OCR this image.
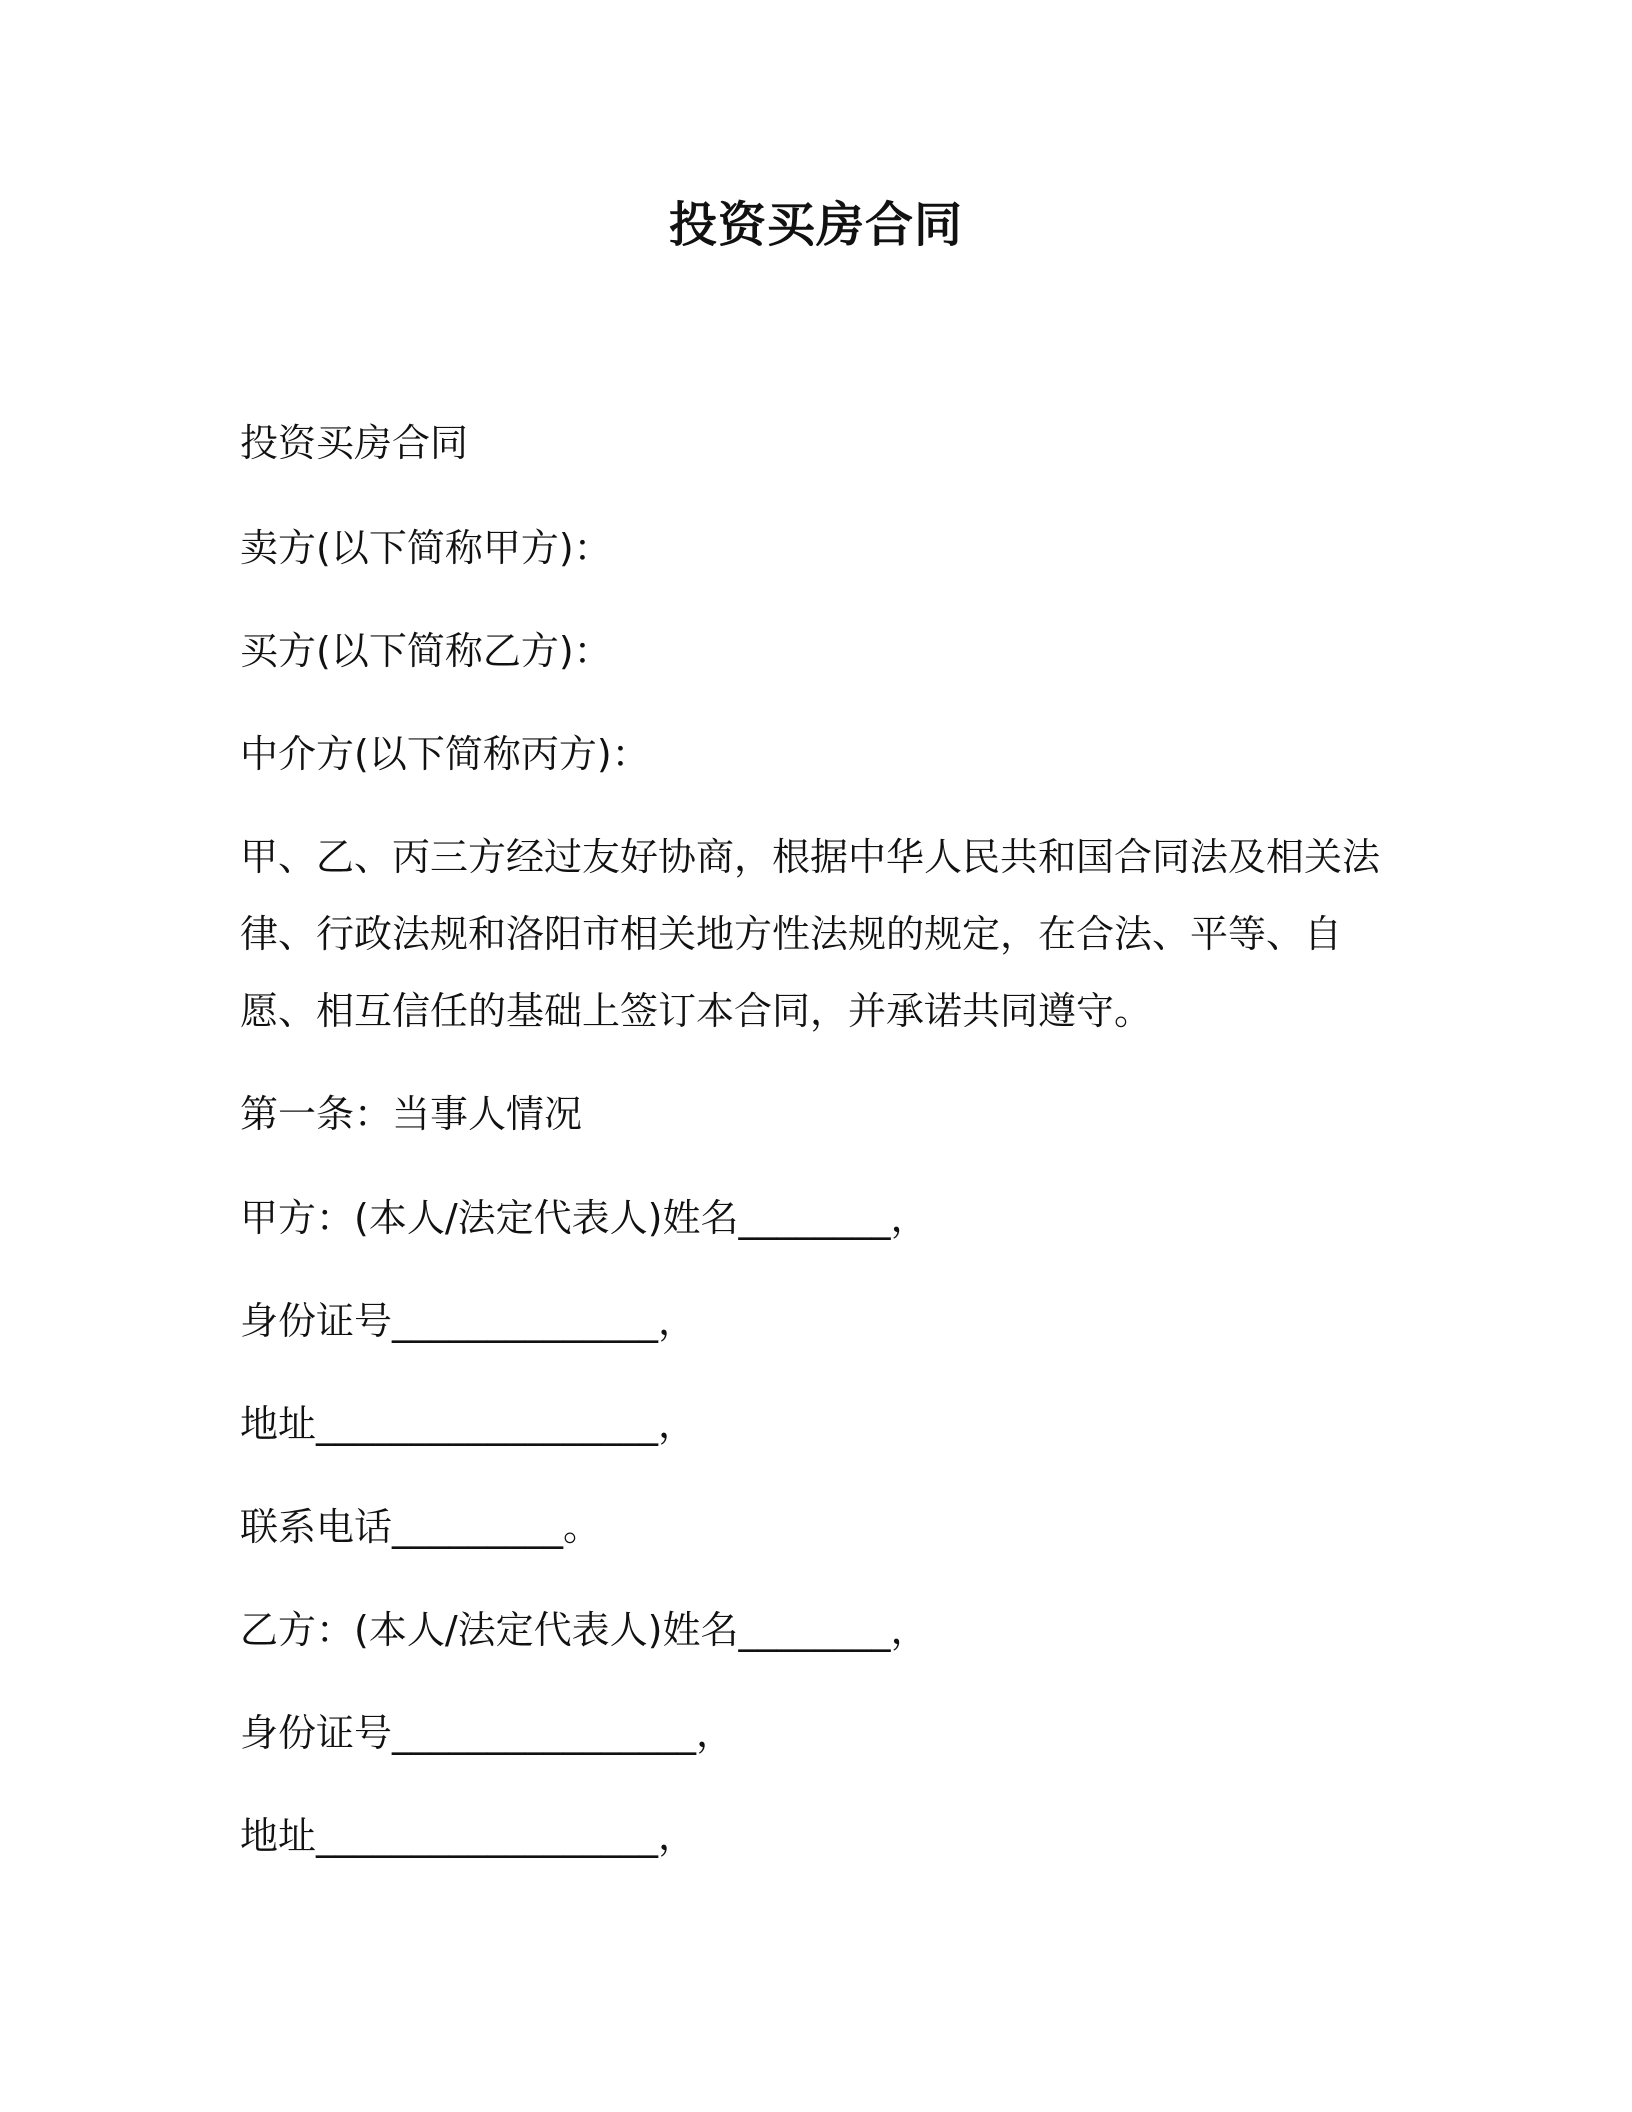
投资买房合同

投资买房合同

卖方(以下简称甲方)：

买方(以下简称乙方)：

中介方(以下简称丙方)：

甲、乙、丙三方经过友好协商，根据中华人民共和国合同法及相关法

律、行政法规和洛阳市相关地方性法规的规定，在合法、平等、自

愿、相互信任的基础上签订本合同，并承诺共同遵守。

第一条：当事人情况

甲方：(本人/法定代表人)姓名________，

身份证号______________，

地址__________________，

联系电话_________。

乙方：(本人/法定代表人)姓名________，

身份证号________________，

地址__________________，
